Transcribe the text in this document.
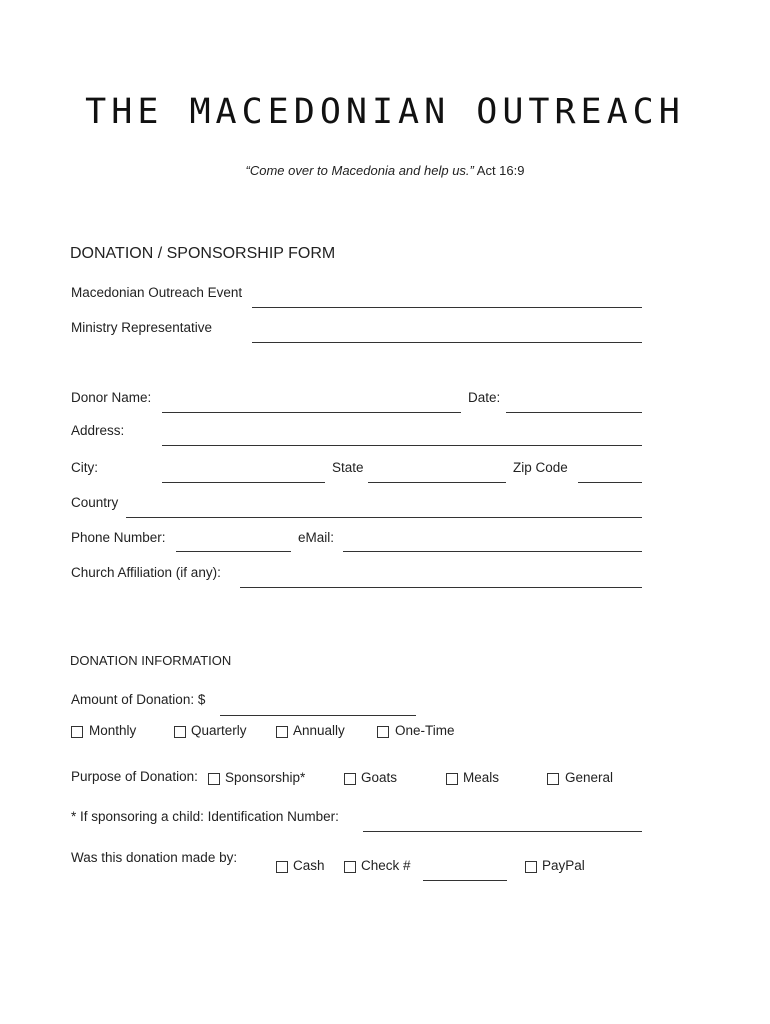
THE MACEDONIAN OUTREACH
“Come over to Macedonia and help us.” Act 16:9
DONATION / SPONSORSHIP FORM
Macedonian Outreach Event
Ministry Representative
Donor Name:	Date:
Address:
City:	State	Zip Code
Country
Phone Number:	eMail:
Church Affiliation (if any):
DONATION INFORMATION
Amount of Donation: $
Monthly	Quarterly	Annually	One-Time
Purpose of Donation: Sponsorship*	Goats	Meals	General
* If sponsoring a child: Identification Number:
Was this donation made by:
Cash	Check #	PayPal
